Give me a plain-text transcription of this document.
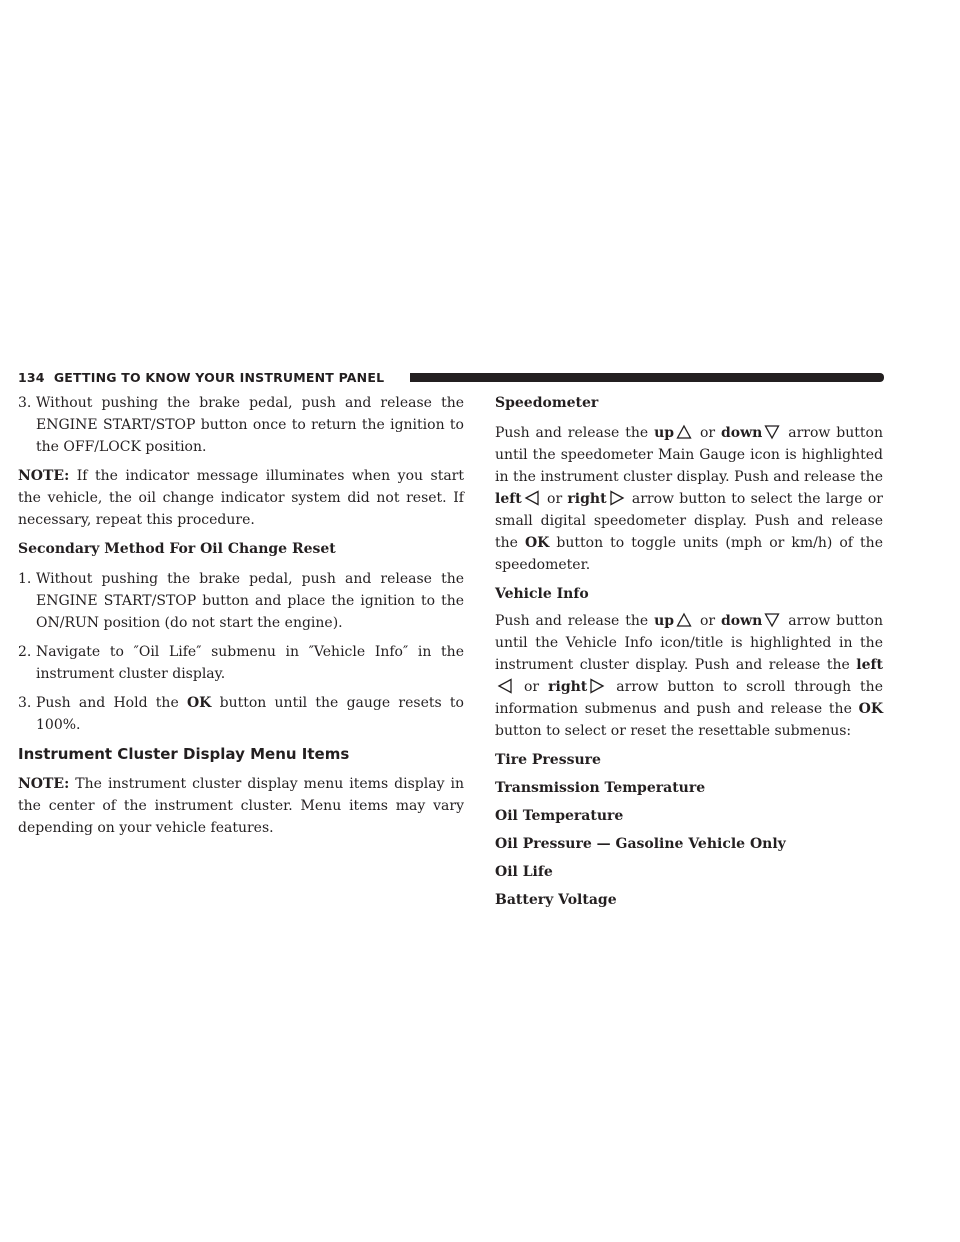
134 GETTING TO KNOW YOUR INSTRUMENT PANEL
3. Without pushing the brake pedal, push and release the ENGINE START/STOP button once to return the ignition to the OFF/LOCK position.

NOTE: If the indicator message illuminates when you start the vehicle, the oil change indicator system did not reset. If necessary, repeat this procedure.

Secondary Method For Oil Change Reset
1. Without pushing the brake pedal, push and release the ENGINE START/STOP button and place the ignition to the ON/RUN position (do not start the engine).
2. Navigate to ″Oil Life″ submenu in ″Vehicle Info″ in the instrument cluster display.
3. Push and Hold the OK button until the gauge resets to 100%.
Instrument Cluster Display Menu Items

NOTE: The instrument cluster display menu items display in the center of the instrument cluster. Menu items may vary depending on your vehicle features.

Speedometer

Push and release the up
or down
arrow button until the speedometer Main Gauge icon is highlighted in the instrument cluster display. Push and release the left
or right
arrow button to select the large or small digital speedometer display. Push and release the OK button to toggle units (mph or km/h) of the speedometer.

Vehicle Info

Push and release the up
or down
arrow button until the Vehicle Info icon/title is highlighted in the instrument cluster display. Push and release the left
or right
arrow button to scroll through the information submenus and push and release the OK button to select or reset the resettable submenus:

Tire Pressure
Transmission Temperature
Oil Temperature
Oil Pressure — Gasoline Vehicle Only
Oil Life
Battery Voltage
